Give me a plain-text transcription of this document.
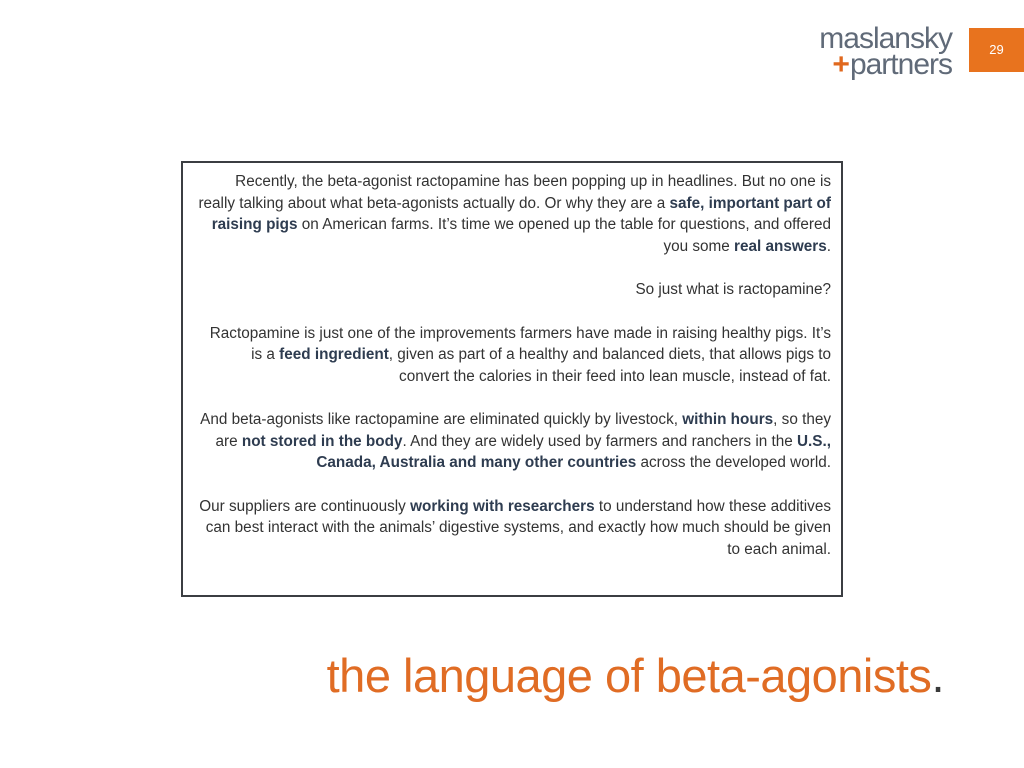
maslansky
+partners	29

Recently, the beta-agonist ractopamine has been popping up in headlines. But no one is really talking about what beta-agonists actually do. Or why they are a safe, important part of raising pigs on American farms. It’s time we opened up the table for questions, and offered you some real answers.

So just what is ractopamine?

Ractopamine is just one of the improvements farmers have made in raising healthy pigs. It’s is a feed ingredient, given as part of a healthy and balanced diets, that allows pigs to convert the calories in their feed into lean muscle, instead of fat.

And beta-agonists like ractopamine are eliminated quickly by livestock, within hours, so they are not stored in the body. And they are widely used by farmers and ranchers in the U.S., Canada, Australia and many other countries across the developed world.

Our suppliers are continuously working with researchers to understand how these additives can best interact with the animals’ digestive systems, and exactly how much should be given to each animal.

the language of beta-agonists.
